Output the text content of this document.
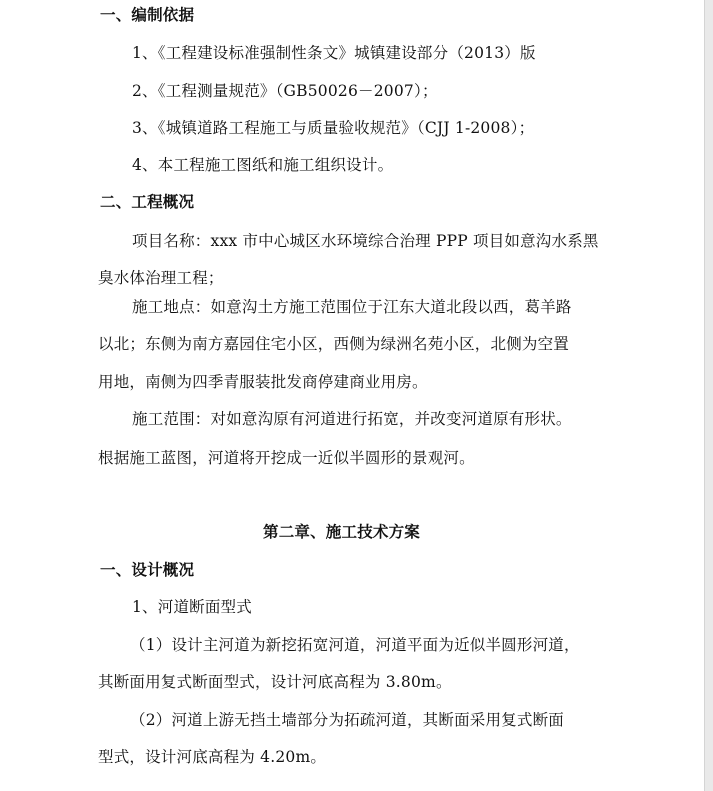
一、编制依据
1、《工程建设标准强制性条文》城镇建设部分（2013）版
2、《工程测量规范》（GB50026－2007）；
3、《城镇道路工程施工与质量验收规范》（CJJ 1-2008）；
4、本工程施工图纸和施工组织设计。
二、工程概况
项目名称：xxx 市中心城区水环境综合治理 PPP 项目如意沟水系黑
臭水体治理工程；
施工地点：如意沟土方施工范围位于江东大道北段以西，葛羊路
以北；东侧为南方嘉园住宅小区，西侧为绿洲名苑小区，北侧为空置
用地，南侧为四季青服装批发商停建商业用房。
施工范围：对如意沟原有河道进行拓宽，并改变河道原有形状。
根据施工蓝图，河道将开挖成一近似半圆形的景观河。
第二章、施工技术方案
一、设计概况
1、河道断面型式
（1）设计主河道为新挖拓宽河道，河道平面为近似半圆形河道，
其断面用复式断面型式，设计河底高程为 3.80m。
（2）河道上游无挡土墙部分为拓疏河道，其断面采用复式断面
型式，设计河底高程为 4.20m。
